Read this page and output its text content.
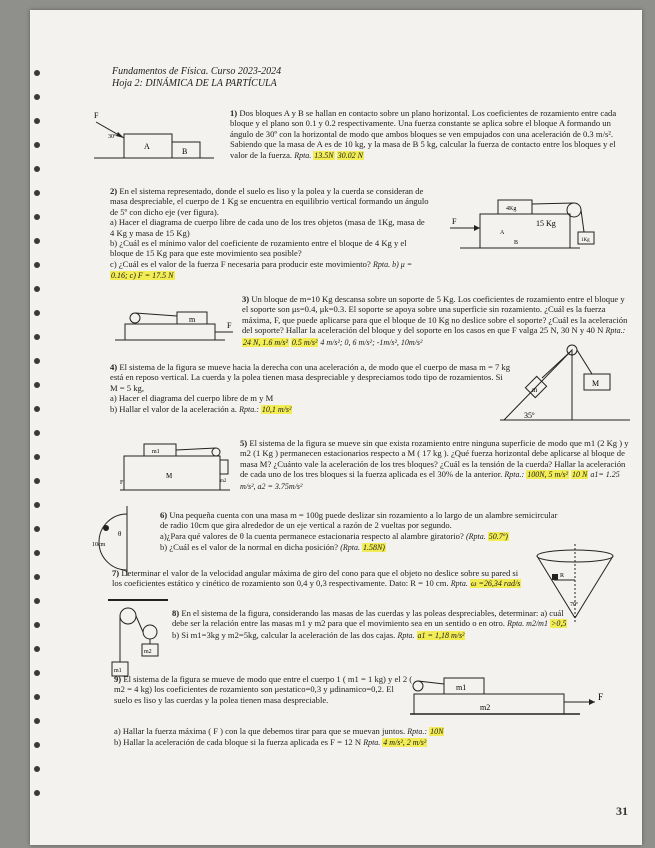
Fundamentos de Física. Curso 2023-2024
Hoja 2: DINÁMICA DE LA PARTÍCULA
F
30º
A
B
1) Dos bloques A y B se hallan en contacto sobre un plano horizontal. Los coeficientes de rozamiento entre cada bloque y el plano son 0.1 y 0.2 respectivamente. Una fuerza constante se aplica sobre el bloque A formando un ángulo de 30º con la horizontal de modo que ambos bloques se ven empujados con una aceleración de 0.3 m/s². Sabiendo que la masa de A es de 10 kg, y la masa de B 5 kg, calcular la fuerza de contacto entre los bloques y el valor de la fuerza. Rpta. 13.5N 30.02 N
2) En el sistema representado, donde el suelo es liso y la polea y la cuerda se consideran de masa despreciable, el cuerpo de 1 Kg se encuentra en equilibrio vertical formando un ángulo de 5º con dicho eje (ver figura).
a) Hacer el diagrama de cuerpo libre de cada uno de los tres objetos (masa de 1Kg, masa de 4 Kg y masa de 15 Kg)
b) ¿Cuál es el mínimo valor del coeficiente de rozamiento entre el bloque de 4 Kg y el bloque de 15 Kg para que este movimiento sea posible?
c) ¿Cuál es el valor de la fuerza F necesaria para producir este movimiento? Rpta. b) μ = 0.16; c) F = 17.5 N
F
4Kg
15 Kg
1Kg
A
B
m
F
3) Un bloque de m=10 Kg descansa sobre un soporte de 5 Kg. Los coeficientes de rozamiento entre el bloque y el soporte son μs=0.4, μk=0.3. El soporte se apoya sobre una superficie sin rozamiento. ¿Cuál es la fuerza máxima, F, que puede aplicarse para que el bloque de 10 Kg no deslice sobre el soporte? ¿Cuál es la aceleración del soporte? Hallar la aceleración del bloque y del soporte en los casos en que F valga 25 N, 30 N y 40 N Rpta.: 24 N, 1.6 m/s² 0.5 m/s² 4 m/s²; 0, 6 m/s²; -1m/s², 10m/s²
4) El sistema de la figura se mueve hacia la derecha con una aceleración a, de modo que el cuerpo de masa m = 7 kg está en reposo vertical. La cuerda y la polea tienen masa despreciable y despreciamos todo tipo de rozamientos. Si M = 5 kg,
a) Hacer el diagrama del cuerpo libre de m y M
b) Hallar el valor de la aceleración a. Rpta.: 10,1 m/s²
m
M
35º
m1
m2
M
F
5) El sistema de la figura se mueve sin que exista rozamiento entre ninguna superficie de modo que m1 (2 Kg ) y m2 (1 Kg ) permanecen estacionarios respecto a M ( 17 kg ). ¿Qué fuerza horizontal debe aplicarse al bloque de masa M? ¿Cuánto vale la aceleración de los tres bloques? ¿Cuál es la tensión de la cuerda? Hallar la aceleración de cada uno de los tres bloques si la fuerza aplicada es el 30% de la anterior. Rpta.: 100N, 5 m/s² 10 N a1= 1.25 m/s², a2 = 3.75m/s²
10cm
θ
6) Una pequeña cuenta con una masa m = 100g puede deslizar sin rozamiento a lo largo de un alambre semicircular de radio 10cm que gira alrededor de un eje vertical a razón de 2 vueltas por segundo.
a)¿Para qué valores de θ la cuenta permanece estacionaria respecto al alambre giratorio? (Rpta. 50.7º)
b) ¿Cuál es el valor de la normal en dicha posición? (Rpta. 1.58N)
7) Determinar el valor de la velocidad angular máxima de giro del cono para que el objeto no deslice sobre su pared si los coeficientes estático y cinético de rozamiento son 0,4 y 0,3 respectivamente. Dato: R = 10 cm. Rpta. ω =26,34 rad/s
R
70º
m1
m2
8) En el sistema de la figura, considerando las masas de las cuerdas y las poleas despreciables, determinar: a) cuál debe ser la relación entre las masas m1 y m2 para que el movimiento sea en un sentido o en otro. Rpta. m2/m1 >0,5 b) Si m1=3kg y m2=5kg, calcular la aceleración de las dos cajas. Rpta. a1 = 1,18 m/s²
9) El sistema de la figura se mueve de modo que entre el cuerpo 1 ( m1 = 1 kg) y el 2 ( m2 = 4 kg) los coeficientes de rozamiento son μestatico=0,3 y μdinamico=0,2. El suelo es liso y las cuerdas y la polea tienen masa despreciable.
a) Hallar la fuerza máxima ( F ) con la que debemos tirar para que se muevan juntos. Rpta.: 10N
b) Hallar la aceleración de cada bloque si la fuerza aplicada es F = 12 N Rpta. 4 m/s², 2 m/s²
m1
m2
F
31
